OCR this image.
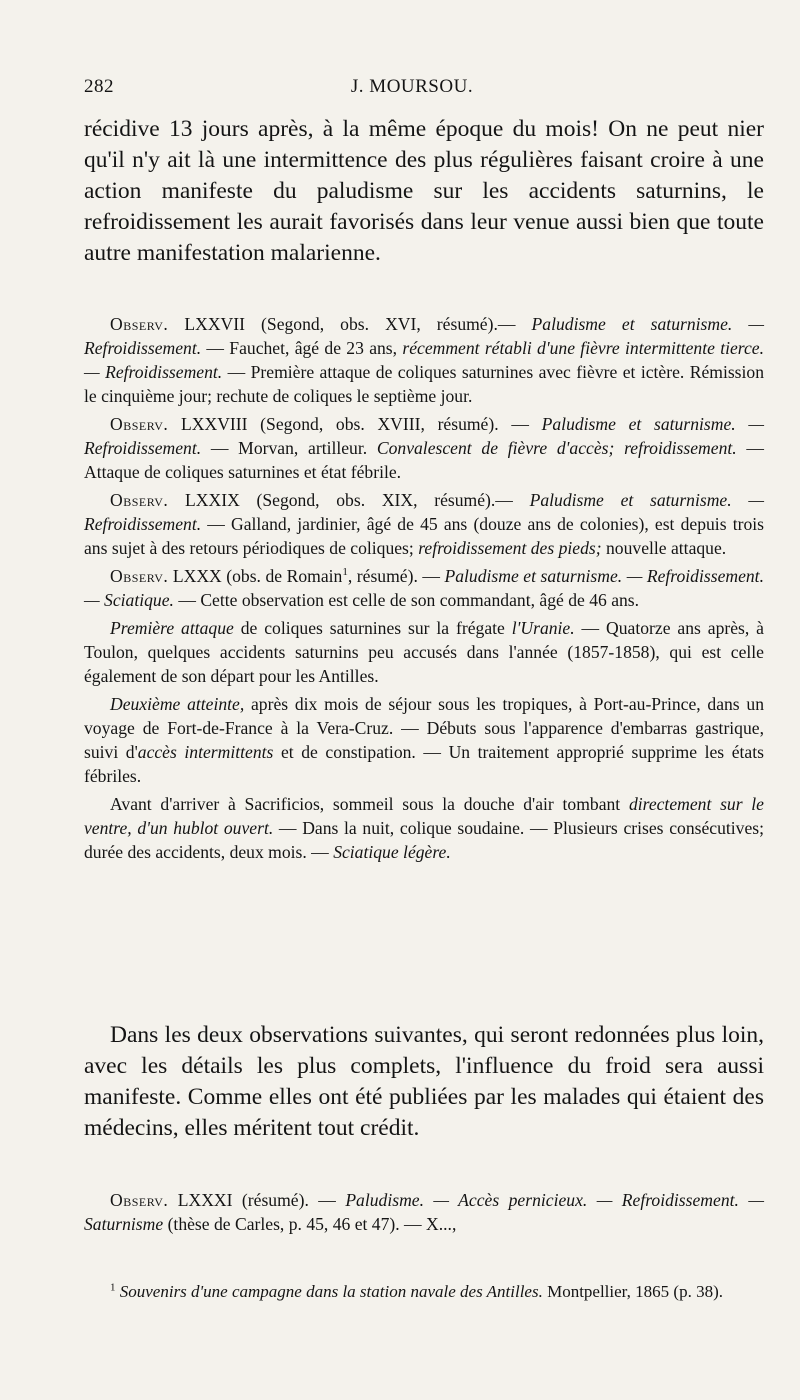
282	J. MOURSOU.

récidive 13 jours après, à la même époque du mois! On ne peut nier qu'il n'y ait là une intermittence des plus régulières faisant croire à une action manifeste du paludisme sur les accidents saturnins, le refroidissement les aurait favorisés dans leur venue aussi bien que toute autre manifestation malarienne.

Observ. LXXVII (Segond, obs. XVI, résumé).— Paludisme et saturnisme. — Refroidissement. — Fauchet, âgé de 23 ans, récemment rétabli d'une fièvre intermittente tierce.— Refroidissement. — Première attaque de coliques saturnines avec fièvre et ictère. Rémission le cinquième jour; rechute de coliques le septième jour.

Observ. LXXVIII (Segond, obs. XVIII, résumé). — Paludisme et saturnisme. — Refroidissement. — Morvan, artilleur. Convalescent de fièvre d'accès; refroidissement. — Attaque de coliques saturnines et état fébrile.

Observ. LXXIX (Segond, obs. XIX, résumé).— Paludisme et saturnisme. — Refroidissement. — Galland, jardinier, âgé de 45 ans (douze ans de colonies), est depuis trois ans sujet à des retours périodiques de coliques; refroidissement des pieds; nouvelle attaque.

Observ. LXXX (obs. de Romain$^1$, résumé). — Paludisme et saturnisme. — Refroidissement. — Sciatique. — Cette observation est celle de son commandant, âgé de 46 ans.

Première attaque de coliques saturnines sur la frégate l'Uranie. — Quatorze ans après, à Toulon, quelques accidents saturnins peu accusés dans l'année (1857-1858), qui est celle également de son départ pour les Antilles.

Deuxième atteinte, après dix mois de séjour sous les tropiques, à Port-au-Prince, dans un voyage de Fort-de-France à la Vera-Cruz. — Débuts sous l'apparence d'embarras gastrique, suivi d'accès intermittents et de constipation. — Un traitement approprié supprime les états fébriles.

Avant d'arriver à Sacrificios, sommeil sous la douche d'air tombant directement sur le ventre, d'un hublot ouvert. — Dans la nuit, colique soudaine. — Plusieurs crises consécutives; durée des accidents, deux mois. — Sciatique légère.

Dans les deux observations suivantes, qui seront redonnées plus loin, avec les détails les plus complets, l'influence du froid sera aussi manifeste. Comme elles ont été publiées par les malades qui étaient des médecins, elles méritent tout crédit.

Observ. LXXXI (résumé). — Paludisme. — Accès pernicieux. — Refroidissement. — Saturnisme (thèse de Carles, p. 45, 46 et 47). — X...,

$^1$ Souvenirs d'une campagne dans la station navale des Antilles. Montpellier, 1865 (p. 38).
